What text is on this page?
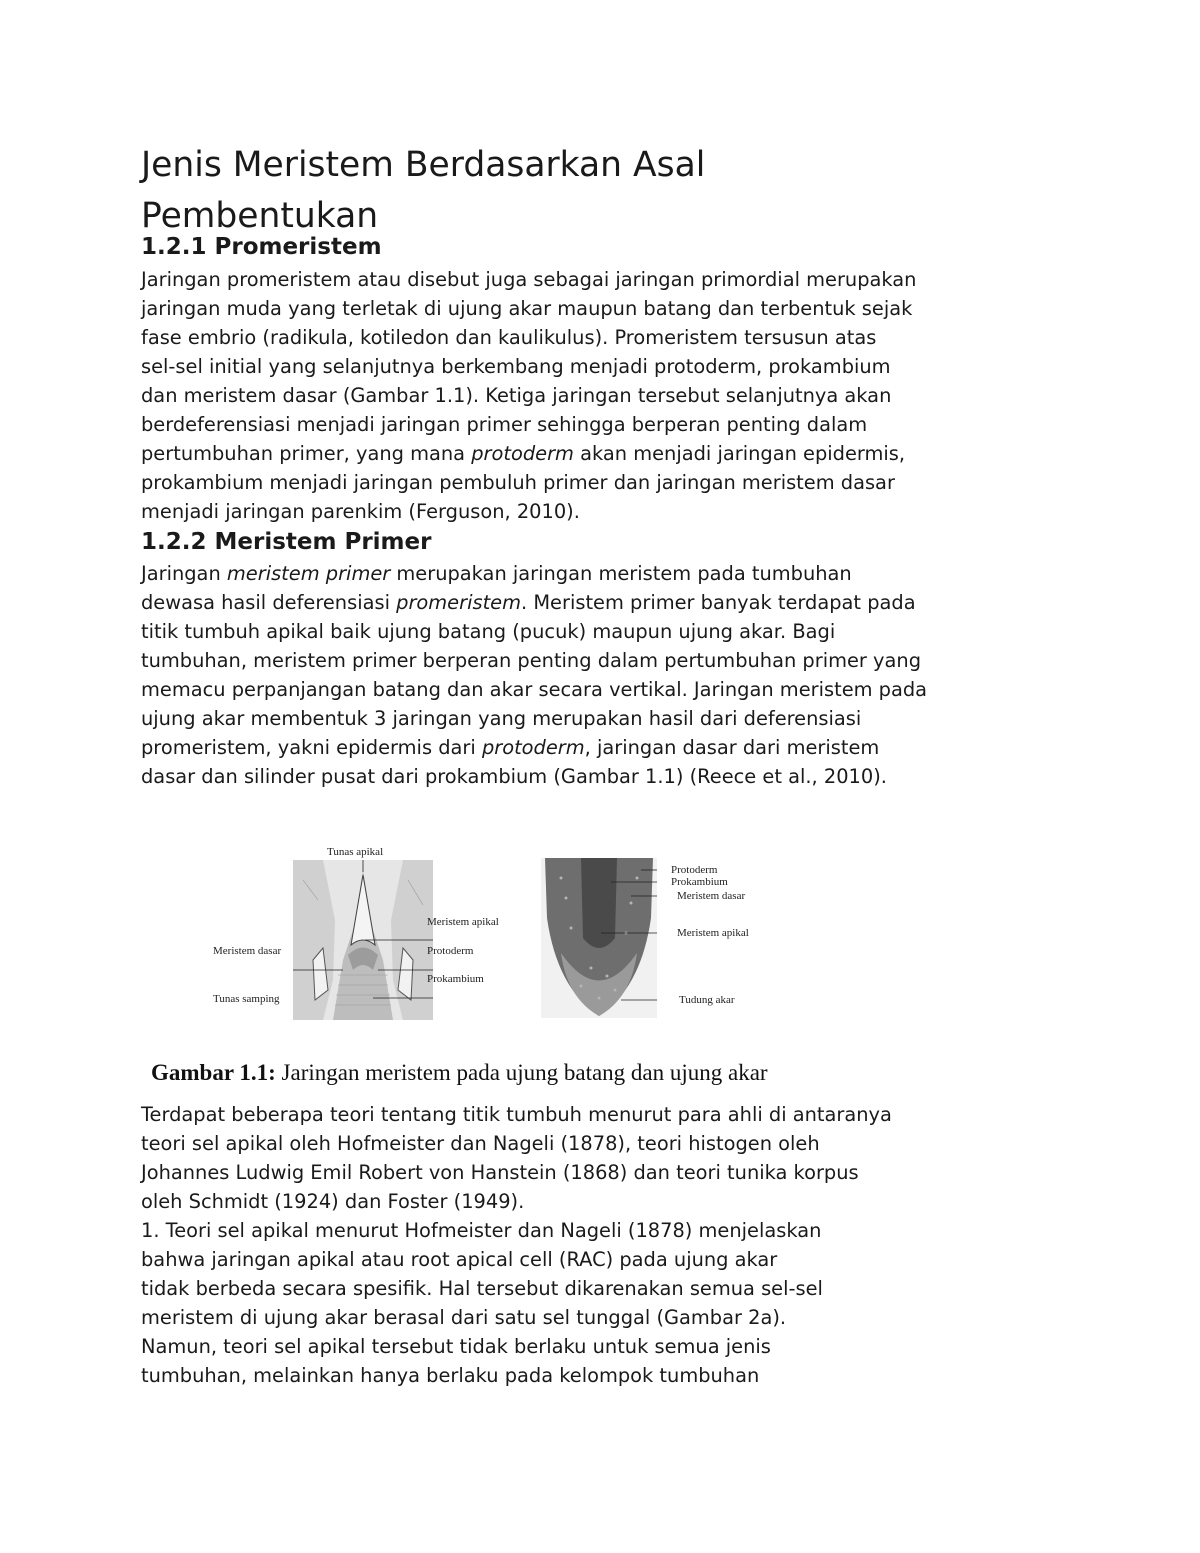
Jenis Meristem Berdasarkan Asal
Pembentukan
1.2.1 Promeristem
Jaringan promeristem atau disebut juga sebagai jaringan primordial merupakan
jaringan muda yang terletak di ujung akar maupun batang dan terbentuk sejak
fase embrio (radikula, kotiledon dan kaulikulus). Promeristem tersusun atas
sel-sel initial yang selanjutnya berkembang menjadi protoderm, prokambium
dan meristem dasar (Gambar 1.1). Ketiga jaringan tersebut selanjutnya akan
berdeferensiasi menjadi jaringan primer sehingga berperan penting dalam
pertumbuhan primer, yang mana protoderm akan menjadi jaringan epidermis,
prokambium menjadi jaringan pembuluh primer dan jaringan meristem dasar
menjadi jaringan parenkim (Ferguson, 2010).
1.2.2 Meristem Primer
Jaringan meristem primer merupakan jaringan meristem pada tumbuhan
dewasa hasil deferensiasi promeristem. Meristem primer banyak terdapat pada
titik tumbuh apikal baik ujung batang (pucuk) maupun ujung akar. Bagi
tumbuhan, meristem primer berperan penting dalam pertumbuhan primer yang
memacu perpanjangan batang dan akar secara vertikal. Jaringan meristem pada
ujung akar membentuk 3 jaringan yang merupakan hasil dari deferensiasi
promeristem, yakni epidermis dari protoderm, jaringan dasar dari meristem
dasar dan silinder pusat dari prokambium (Gambar 1.1) (Reece et al., 2010).
Tunas apikal
Meristem apikal
Meristem dasar	Protoderm
Prokambium
Tunas samping
Protoderm
Prokambium
Meristem dasar
Meristem apikal
Tudung akar

Gambar 1.1: Jaringan meristem pada ujung batang dan ujung akar

Terdapat beberapa teori tentang titik tumbuh menurut para ahli di antaranya
teori sel apikal oleh Hofmeister dan Nageli (1878), teori histogen oleh
Johannes Ludwig Emil Robert von Hanstein (1868) dan teori tunika korpus
oleh Schmidt (1924) dan Foster (1949).
1. Teori sel apikal menurut Hofmeister dan Nageli (1878) menjelaskan
bahwa jaringan apikal atau root apical cell (RAC) pada ujung akar
tidak berbeda secara spesifik. Hal tersebut dikarenakan semua sel-sel
meristem di ujung akar berasal dari satu sel tunggal (Gambar 2a).
Namun, teori sel apikal tersebut tidak berlaku untuk semua jenis
tumbuhan, melainkan hanya berlaku pada kelompok tumbuhan
